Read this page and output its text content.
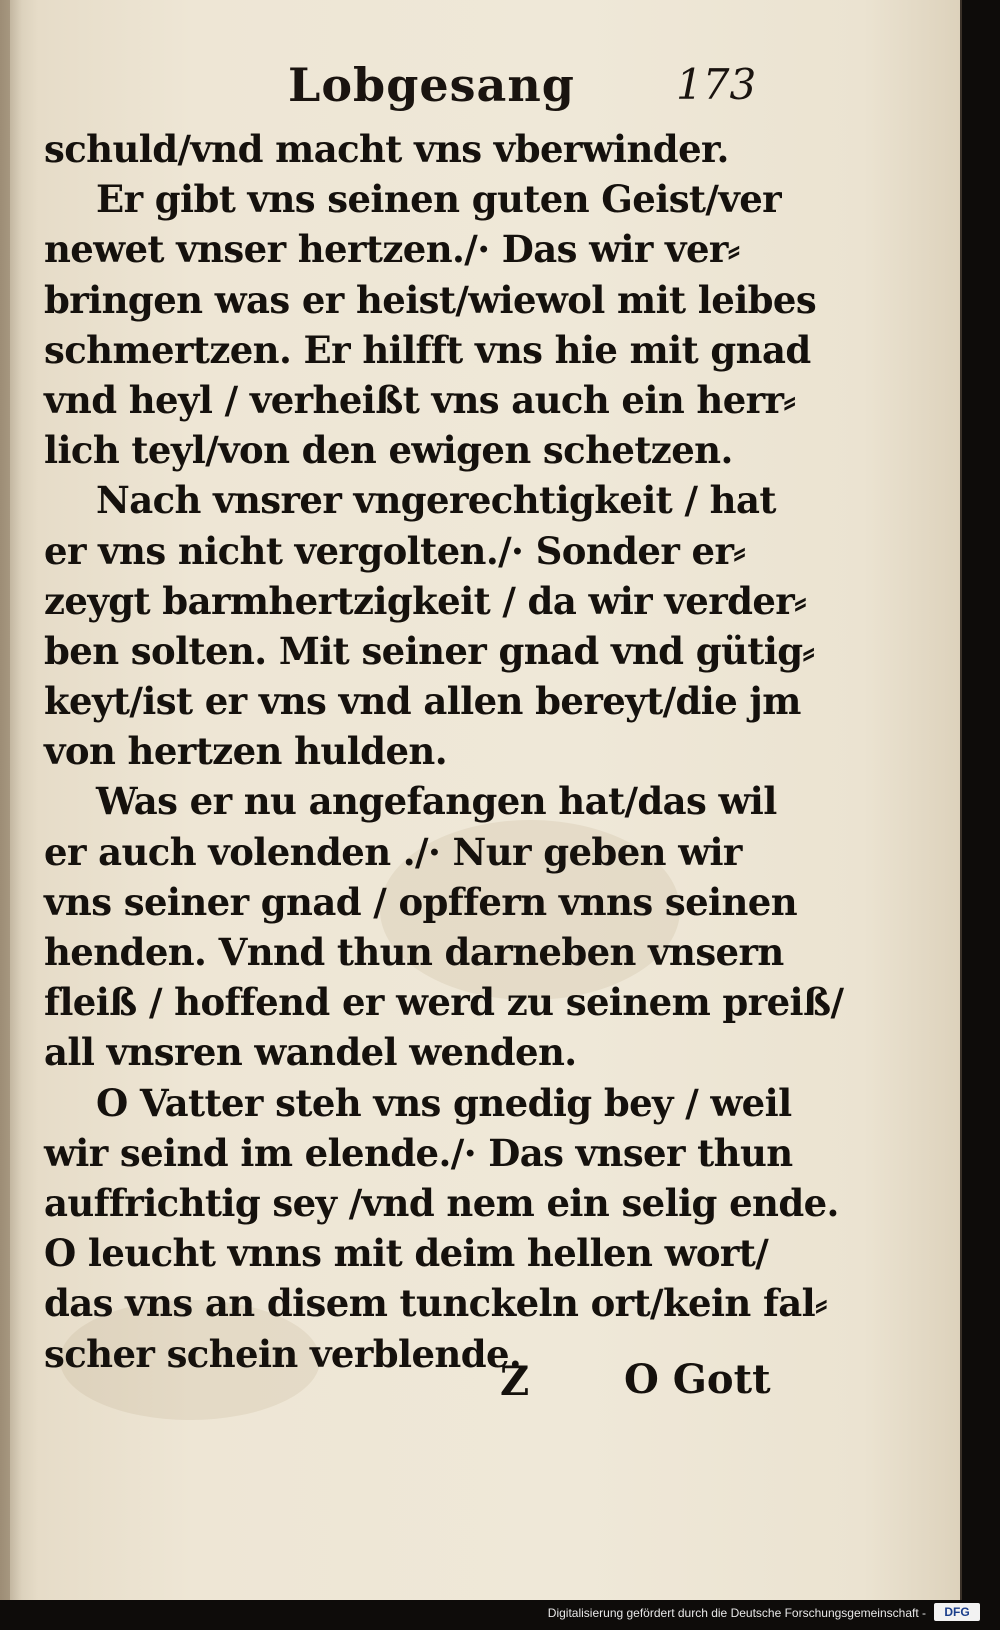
Lobgesang 173
schuld/vnd macht vns vberwinder.
Er gibt vns seinen guten Geist/ver
newet vnser hertzen./· Das wir ver⸗
bringen was er heist/wiewol mit leibes
schmertzen. Er hilfft vns hie mit gnad
vnd heyl / verheißt vns auch ein herr⸗
lich teyl/von den ewigen schetzen.
Nach vnsrer vngerechtigkeit / hat
er vns nicht vergolten./· Sonder er⸗
zeygt barmhertzigkeit / da wir verder⸗
ben solten. Mit seiner gnad vnd gütig⸗
keyt/ist er vns vnd allen bereyt/die jm
von hertzen hulden.
Was er nu angefangen hat/das wil
er auch volenden ./· Nur geben wir
vns seiner gnad / opffern vnns seinen
henden. Vnnd thun darneben vnsern
fleiß / hoffend er werd zu seinem preiß/
all vnsren wandel wenden.
O Vatter steh vns gnedig bey / weil
wir seind im elende./· Das vnser thun
auffrichtig sey /vnd nem ein selig ende.
O leucht vnns mit deim hellen wort/
das vns an disem tunckeln ort/kein fal⸗
scher schein verblende.
Z O Gott
Digitalisierung gefördert durch die Deutsche Forschungsgemeinschaft -	DFG
